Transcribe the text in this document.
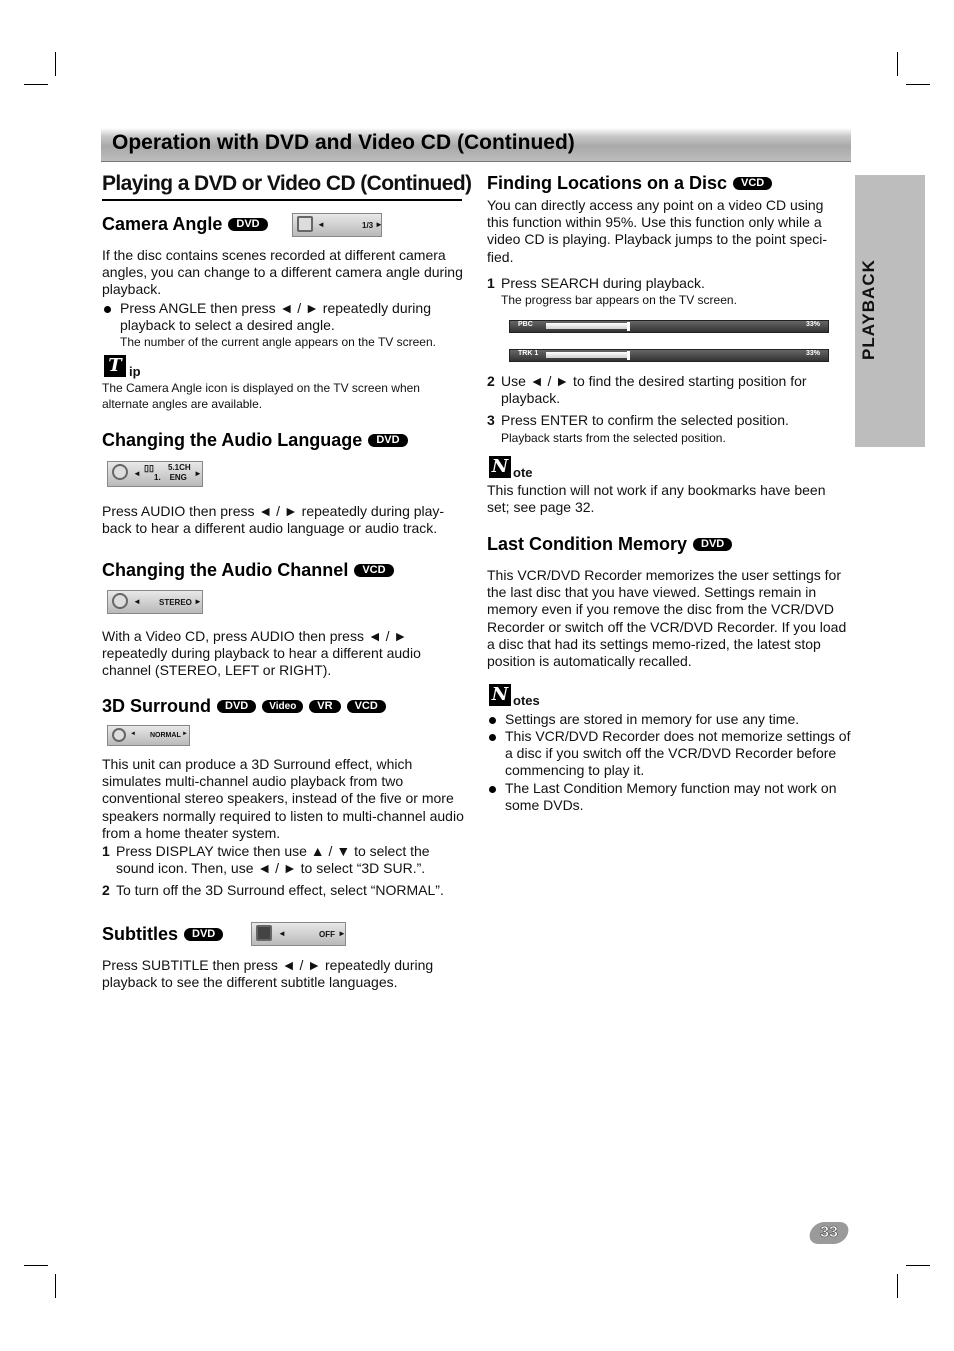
Operation with DVD and Video CD (Continued)
PLAYBACK
Playing a DVD or Video CD (Continued)
Camera Angle DVD	◄	1/3 ►
If the disc contains scenes recorded at different camera angles, you can change to a different camera angle during playback.
Press ANGLE then press ◄ / ► repeatedly during playback to select a desired angle.
The number of the current angle appears on the TV screen.
T ip
The Camera Angle icon is displayed on the TV screen when alternate angles are available.
Changing the Audio Language DVD
◄
▯▯ 5.1CH
1.    ENG ►
Press AUDIO then press ◄ / ► repeatedly during play-back to hear a different audio language or audio track.
Changing the Audio Channel VCD
◄ STEREO ►
With a Video CD, press AUDIO then press ◄ / ► repeatedly during playback to hear a different audio channel (STEREO, LEFT or RIGHT).
3D Surround DVD Video VR VCD
◄ NORMAL ►
This unit can produce a 3D Surround effect, which simulates multi-channel audio playback from two conventional stereo speakers, instead of the five or more speakers normally required to listen to multi-channel audio from a home theater system.
1 Press DISPLAY twice then use ▲ / ▼ to select the sound icon. Then, use ◄ / ► to select “3D SUR.”.
2 To turn off the 3D Surround effect, select “NORMAL”.
Subtitles DVD	◄	OFF ►
Press SUBTITLE then press ◄ / ► repeatedly during playback to see the different subtitle languages.
Finding Locations on a Disc VCD
You can directly access any point on a video CD using this function within 95%. Use this function only while a video CD is playing. Playback jumps to the point speci-fied.
1 Press SEARCH during playback.
The progress bar appears on the TV screen.
PBC	33%
TRK 1	33%
2 Use ◄ / ► to find the desired starting position for playback.
3 Press ENTER to confirm the selected position.
Playback starts from the selected position.
N ote
This function will not work if any bookmarks have been set; see page 32.
Last Condition Memory DVD
This VCR/DVD Recorder memorizes the user settings for the last disc that you have viewed. Settings remain in memory even if you remove the disc from the VCR/DVD Recorder or switch off the VCR/DVD Recorder. If you load a disc that had its settings memo-rized, the latest stop position is automatically recalled.
N otes
Settings are stored in memory for use any time.
This VCR/DVD Recorder does not memorize settings of a disc if you switch off the VCR/DVD Recorder before commencing to play it.
The Last Condition Memory function may not work on some DVDs.
33
